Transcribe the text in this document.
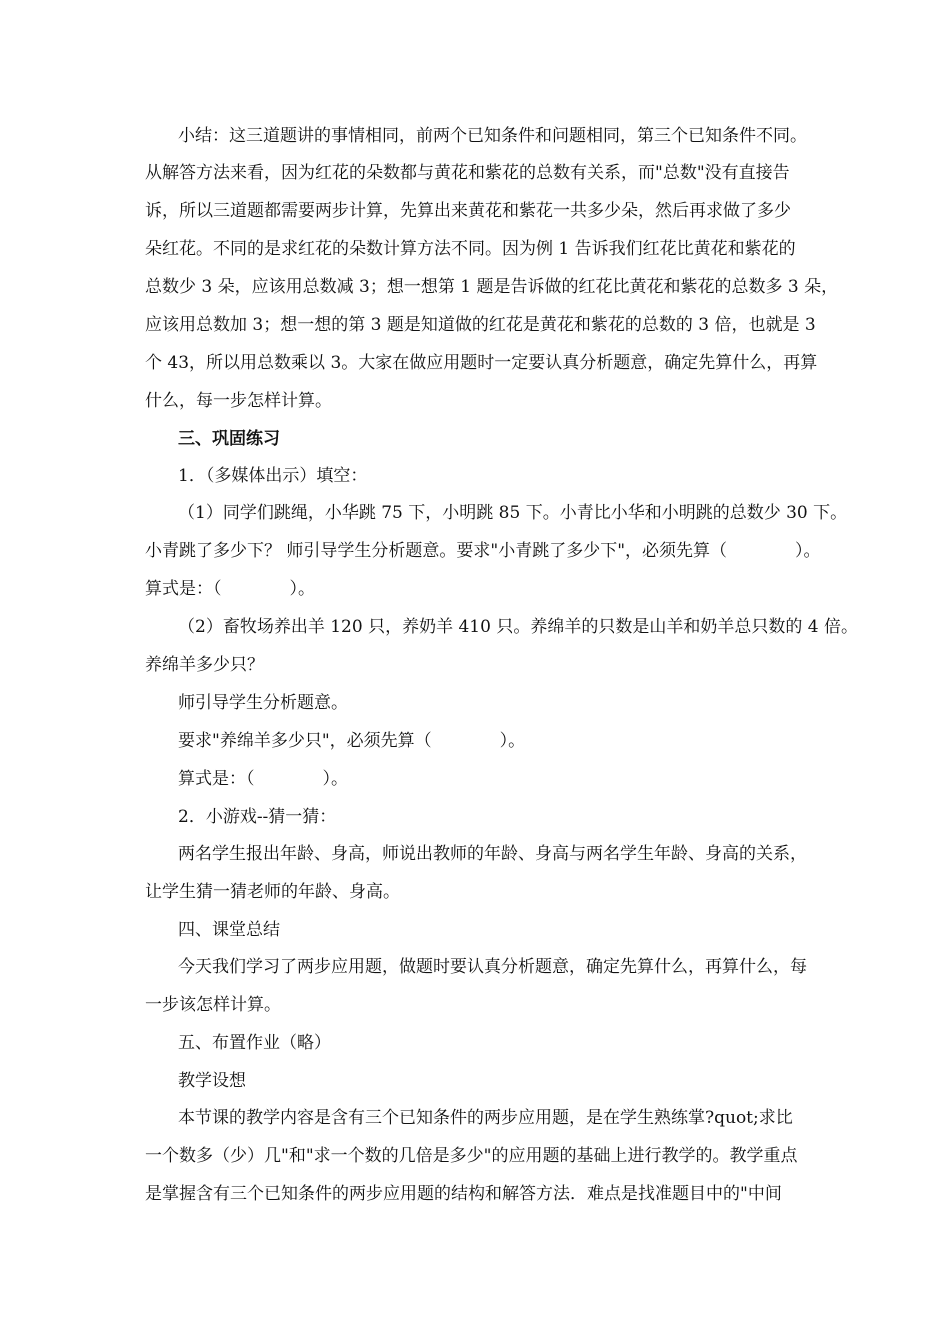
小结：这三道题讲的事情相同，前两个已知条件和问题相同，第三个已知条件不同。
从解答方法来看，因为红花的朵数都与黄花和紫花的总数有关系，而"总数"没有直接告
诉，所以三道题都需要两步计算，先算出来黄花和紫花一共多少朵，然后再求做了多少
朵红花。不同的是求红花的朵数计算方法不同。因为例 1 告诉我们红花比黄花和紫花的
总数少 3 朵，应该用总数减 3；想一想第 1 题是告诉做的红花比黄花和紫花的总数多 3 朵，
应该用总数加 3；想一想的第 3 题是知道做的红花是黄花和紫花的总数的 3 倍，也就是 3
个 43，所以用总数乘以 3。大家在做应用题时一定要认真分析题意，确定先算什么，再算
什么，每一步怎样计算。
三、巩固练习
1．（多媒体出示）填空：
（1）同学们跳绳，小华跳 75 下，小明跳 85 下。小青比小华和小明跳的总数少 30 下。
小青跳了多少下？ 师引导学生分析题意。要求"小青跳了多少下"，必须先算（　　　　）。
算式是：（　　　　）。
（2）畜牧场养出羊 120 只，养奶羊 410 只。养绵羊的只数是山羊和奶羊总只数的 4 倍。
养绵羊多少只？
师引导学生分析题意。
要求"养绵羊多少只"，必须先算（　　　　）。
算式是：（　　　　）。
2．小游戏--猜一猜：
两名学生报出年龄、身高，师说出教师的年龄、身高与两名学生年龄、身高的关系，
让学生猜一猜老师的年龄、身高。
四、课堂总结
今天我们学习了两步应用题，做题时要认真分析题意，确定先算什么，再算什么，每
一步该怎样计算。
五、布置作业（略）
教学设想
本节课的教学内容是含有三个已知条件的两步应用题，是在学生熟练掌?quot;求比
一个数多（少）几"和"求一个数的几倍是多少"的应用题的基础上进行教学的。教学重点
是掌握含有三个已知条件的两步应用题的结构和解答方法．难点是找准题目中的"中间
